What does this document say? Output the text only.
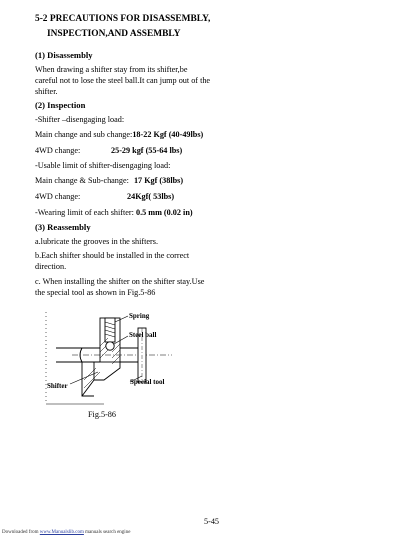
5-2 PRECAUTIONS FOR DISASSEMBLY,
INSPECTION,AND ASSEMBLY
(1) Disassembly
When drawing a shifter stay from its shifter,be careful not to lose the steel ball.It can jump out of the shifter.
(2) Inspection
-Shifter –disengaging load:
Main change and sub change:18-22 Kgf (40-49lbs)
4WD change:	25-29 kgf (55-64 lbs)
-Usable limit of shifter-disengaging load:
Main change & Sub-change: 17 Kgf (38lbs)
4WD change:	24Kgf( 53lbs)
-Wearing limit of each shifter: 0.5 mm (0.02 in)
(3) Reassembly
a.lubricate the grooves in the shifters.
b.Each shifter should be installed in the correct direction.
c. When installing the shifter on the shifter stay.Use the special tool as shown in Fig.5-86
Spring
Steel ball
Special tool
Shifter
Fig.5-86
5-45
Downloaded from www.Manualslib.com manuals search engine
